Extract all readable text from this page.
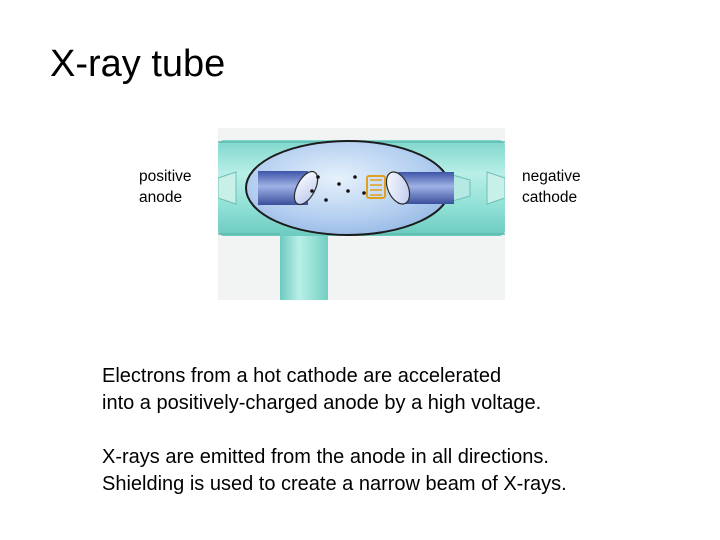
X-ray tube
positive
anode
negative
cathode

Electrons from a hot cathode are accelerated
into a positively-charged anode by a high voltage.

X-rays are emitted from the anode in all directions.
Shielding is used to create a narrow beam of X-rays.
